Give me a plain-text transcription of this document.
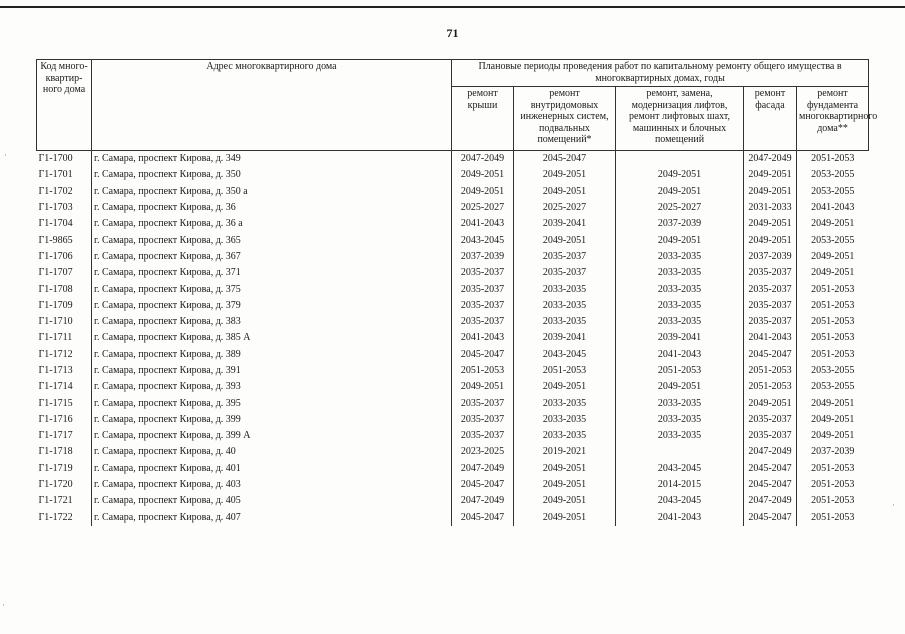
71
Код много-квартир-ного дома	Адрес многоквартирного дома	Плановые периоды проведения работ по капитальному ремонту общего имущества в многоквартирных домах, годы				
		ремонт крыши	ремонт внутридомовых инженерных систем, подвальных помещений*	ремонт, замена, модернизация лифтов, ремонт лифтовых шахт, машинных и блочных помещений	ремонт фасада	ремонт фундамента многоквартирного дома**
Г1-1700	г. Самара, проспект Кирова, д. 349	2047-2049	2045-2047		2047-2049	2051-2053
Г1-1701	г. Самара, проспект Кирова, д. 350	2049-2051	2049-2051	2049-2051	2049-2051	2053-2055
Г1-1702	г. Самара, проспект Кирова, д. 350 а	2049-2051	2049-2051	2049-2051	2049-2051	2053-2055
Г1-1703	г. Самара, проспект Кирова, д. 36	2025-2027	2025-2027	2025-2027	2031-2033	2041-2043
Г1-1704	г. Самара, проспект Кирова, д. 36 а	2041-2043	2039-2041	2037-2039	2049-2051	2049-2051
Г1-9865	г. Самара, проспект Кирова, д. 365	2043-2045	2049-2051	2049-2051	2049-2051	2053-2055
Г1-1706	г. Самара, проспект Кирова, д. 367	2037-2039	2035-2037	2033-2035	2037-2039	2049-2051
Г1-1707	г. Самара, проспект Кирова, д. 371	2035-2037	2035-2037	2033-2035	2035-2037	2049-2051
Г1-1708	г. Самара, проспект Кирова, д. 375	2035-2037	2033-2035	2033-2035	2035-2037	2051-2053
Г1-1709	г. Самара, проспект Кирова, д. 379	2035-2037	2033-2035	2033-2035	2035-2037	2051-2053
Г1-1710	г. Самара, проспект Кирова, д. 383	2035-2037	2033-2035	2033-2035	2035-2037	2051-2053
Г1-1711	г. Самара, проспект Кирова, д. 385 А	2041-2043	2039-2041	2039-2041	2041-2043	2051-2053
Г1-1712	г. Самара, проспект Кирова, д. 389	2045-2047	2043-2045	2041-2043	2045-2047	2051-2053
Г1-1713	г. Самара, проспект Кирова, д. 391	2051-2053	2051-2053	2051-2053	2051-2053	2053-2055
Г1-1714	г. Самара, проспект Кирова, д. 393	2049-2051	2049-2051	2049-2051	2051-2053	2053-2055
Г1-1715	г. Самара, проспект Кирова, д. 395	2035-2037	2033-2035	2033-2035	2049-2051	2049-2051
Г1-1716	г. Самара, проспект Кирова, д. 399	2035-2037	2033-2035	2033-2035	2035-2037	2049-2051
Г1-1717	г. Самара, проспект Кирова, д. 399 А	2035-2037	2033-2035	2033-2035	2035-2037	2049-2051
Г1-1718	г. Самара, проспект Кирова, д. 40	2023-2025	2019-2021		2047-2049	2037-2039
Г1-1719	г. Самара, проспект Кирова, д. 401	2047-2049	2049-2051	2043-2045	2045-2047	2051-2053
Г1-1720	г. Самара, проспект Кирова, д. 403	2045-2047	2049-2051	2014-2015	2045-2047	2051-2053
Г1-1721	г. Самара, проспект Кирова, д. 405	2047-2049	2049-2051	2043-2045	2047-2049	2051-2053
Г1-1722	г. Самара, проспект Кирова, д. 407	2045-2047	2049-2051	2041-2043	2045-2047	2051-2053
·
·
·
